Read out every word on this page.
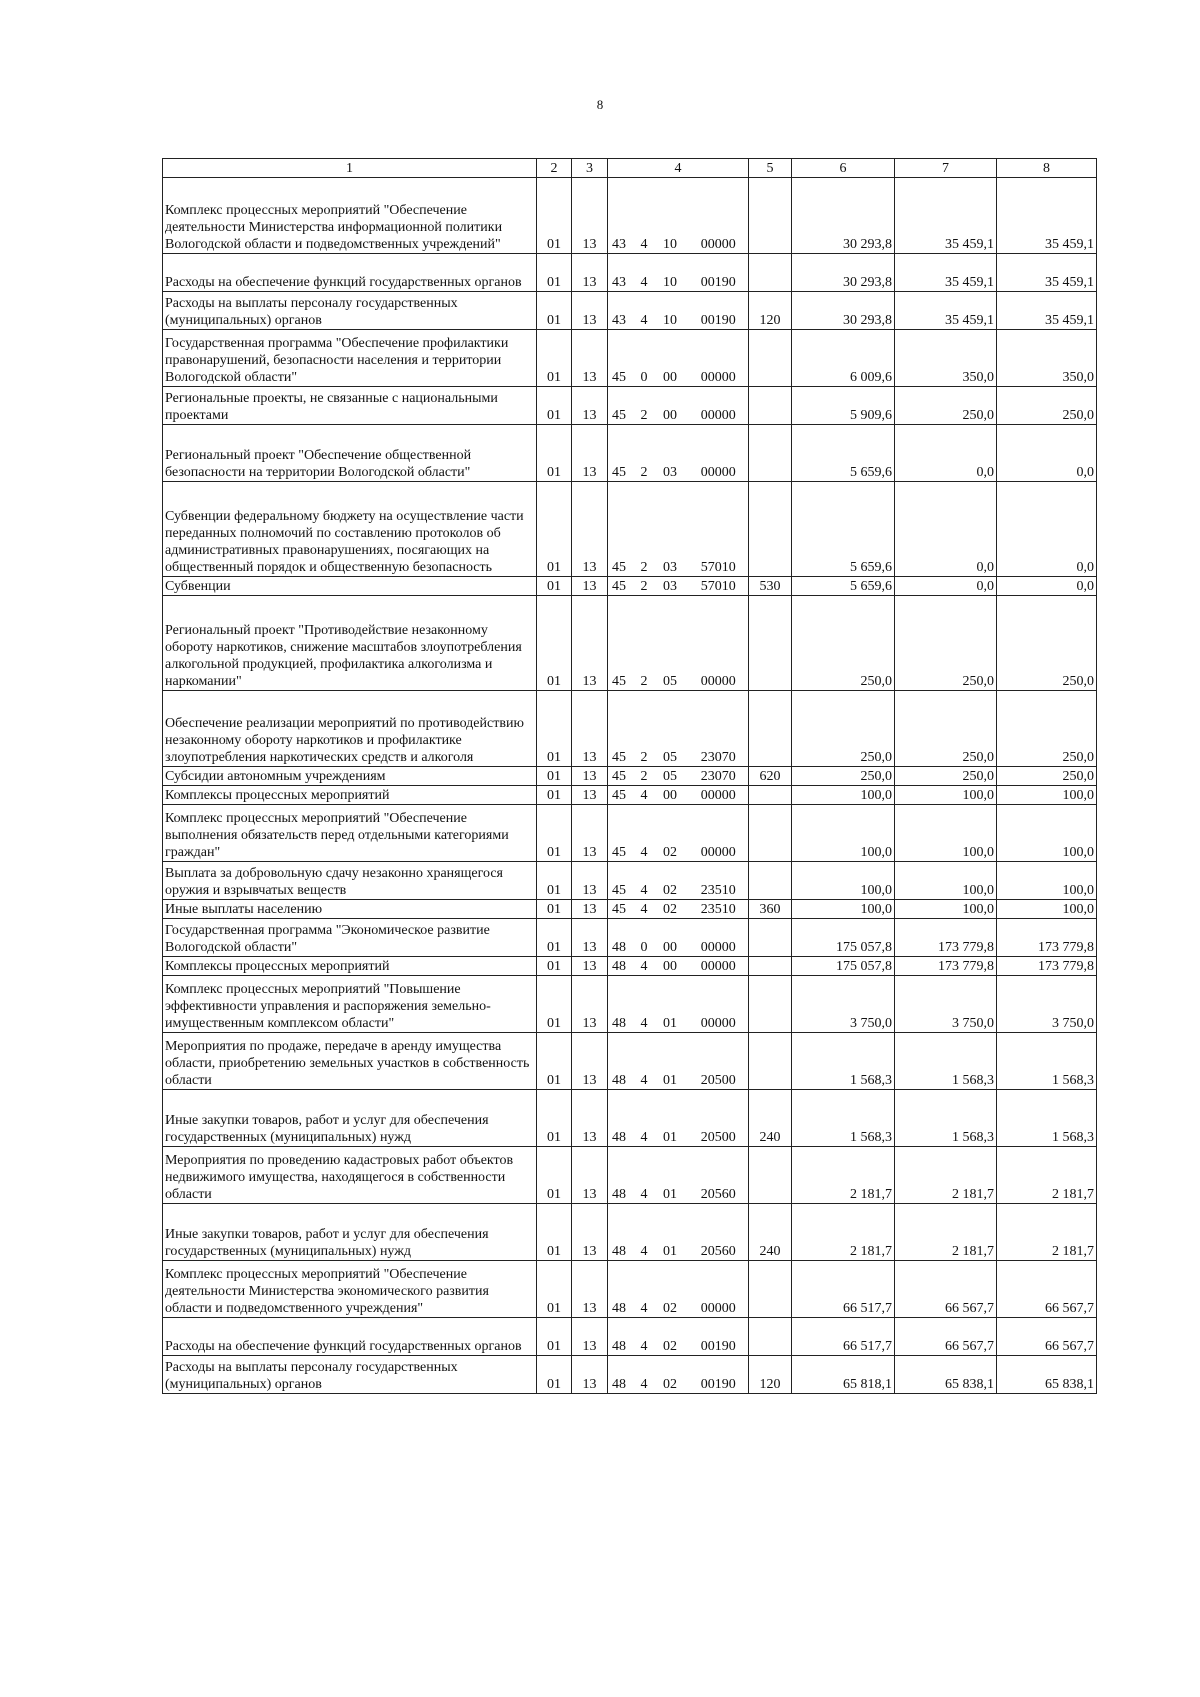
8
1	2	3	4				5	6	7	8
Комплекс процессных мероприятий "Обеспечение деятельности Министерства информационной политики Вологодской области и подведомственных учреждений"	01	13	43	4	10	00000		30 293,8	35 459,1	35 459,1
Расходы на обеспечение функций государственных органов	01	13	43	4	10	00190		30 293,8	35 459,1	35 459,1
Расходы на выплаты персоналу государственных (муниципальных) органов	01	13	43	4	10	00190	120	30 293,8	35 459,1	35 459,1
Государственная программа "Обеспечение профилактики правонарушений, безопасности населения и территории Вологодской области"	01	13	45	0	00	00000		6 009,6	350,0	350,0
Региональные проекты, не связанные с национальными проектами	01	13	45	2	00	00000		5 909,6	250,0	250,0
Региональный проект "Обеспечение общественной безопасности на территории Вологодской области"	01	13	45	2	03	00000		5 659,6	0,0	0,0
Субвенции федеральному бюджету на осуществление части переданных полномочий по составлению протоколов об административных правонарушениях, посягающих на общественный порядок и общественную безопасность	01	13	45	2	03	57010		5 659,6	0,0	0,0
Субвенции	01	13	45	2	03	57010	530	5 659,6	0,0	0,0
Региональный проект "Противодействие незаконному обороту наркотиков, снижение масштабов злоупотребления алкогольной продукцией, профилактика алкоголизма и наркомании"	01	13	45	2	05	00000		250,0	250,0	250,0
Обеспечение реализации мероприятий по противодействию незаконному обороту наркотиков и профилактике злоупотребления наркотических средств и алкоголя	01	13	45	2	05	23070		250,0	250,0	250,0
Субсидии автономным учреждениям	01	13	45	2	05	23070	620	250,0	250,0	250,0
Комплексы процессных мероприятий	01	13	45	4	00	00000		100,0	100,0	100,0
Комплекс процессных мероприятий "Обеспечение выполнения обязательств перед отдельными категориями граждан"	01	13	45	4	02	00000		100,0	100,0	100,0
Выплата за добровольную сдачу незаконно хранящегося оружия и взрывчатых веществ	01	13	45	4	02	23510		100,0	100,0	100,0
Иные выплаты населению	01	13	45	4	02	23510	360	100,0	100,0	100,0
Государственная программа "Экономическое развитие Вологодской области"	01	13	48	0	00	00000		175 057,8	173 779,8	173 779,8
Комплексы процессных мероприятий	01	13	48	4	00	00000		175 057,8	173 779,8	173 779,8
Комплекс процессных мероприятий "Повышение эффективности управления и распоряжения земельно-имущественным комплексом области"	01	13	48	4	01	00000		3 750,0	3 750,0	3 750,0
Мероприятия по продаже, передаче в аренду имущества области, приобретению земельных участков в собственность области	01	13	48	4	01	20500		1 568,3	1 568,3	1 568,3
Иные закупки товаров, работ и услуг для обеспечения государственных (муниципальных) нужд	01	13	48	4	01	20500	240	1 568,3	1 568,3	1 568,3
Мероприятия по проведению кадастровых работ объектов недвижимого имущества, находящегося в собственности области	01	13	48	4	01	20560		2 181,7	2 181,7	2 181,7
Иные закупки товаров, работ и услуг для обеспечения государственных (муниципальных) нужд	01	13	48	4	01	20560	240	2 181,7	2 181,7	2 181,7
Комплекс процессных мероприятий "Обеспечение деятельности Министерства экономического развития области и подведомственного учреждения"	01	13	48	4	02	00000		66 517,7	66 567,7	66 567,7
Расходы на обеспечение функций государственных органов	01	13	48	4	02	00190		66 517,7	66 567,7	66 567,7
Расходы на выплаты персоналу государственных (муниципальных) органов	01	13	48	4	02	00190	120	65 818,1	65 838,1	65 838,1
